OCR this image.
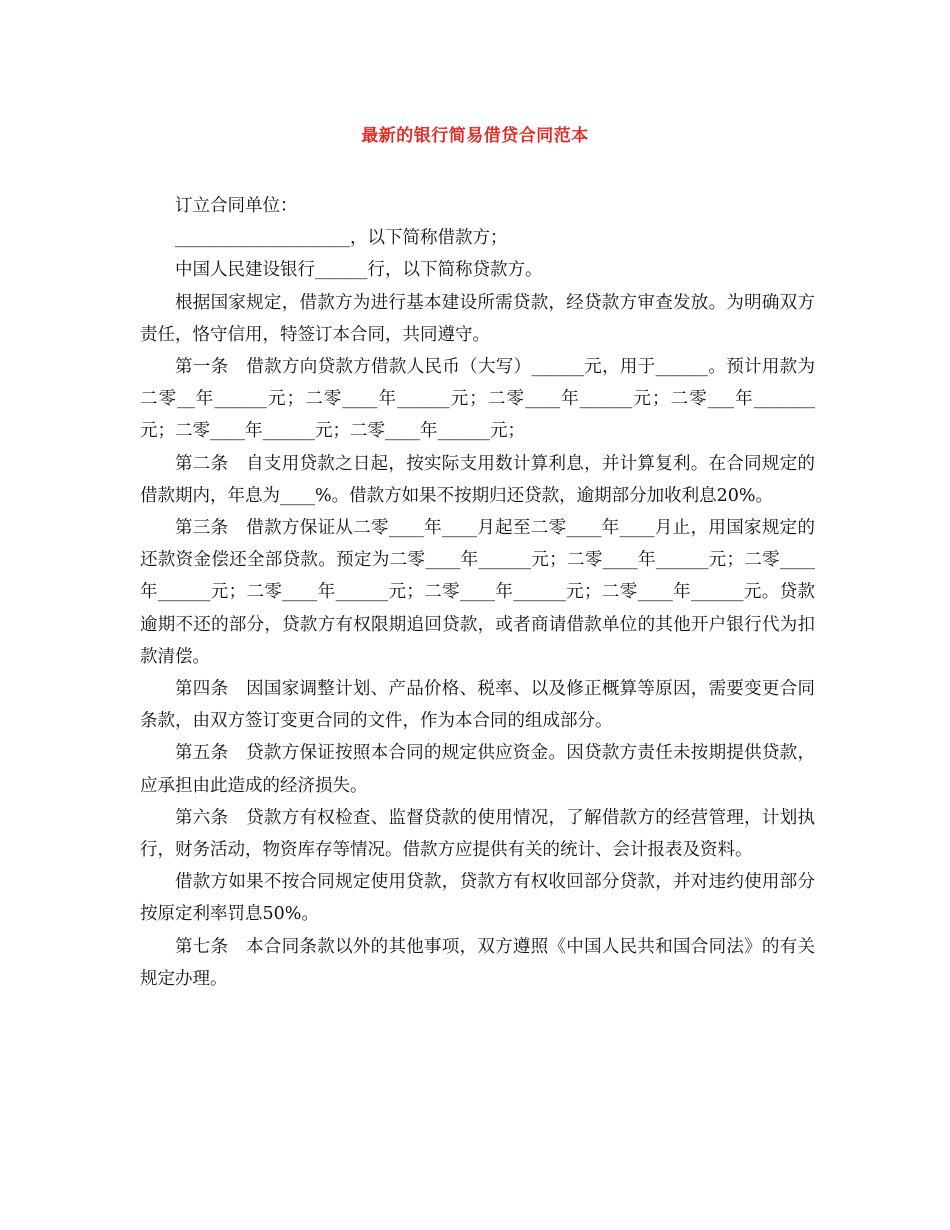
最新的银行简易借贷合同范本

订立合同单位：

____________________，以下简称借款方；

中国人民建设银行______行，以下简称贷款方。

根据国家规定，借款方为进行基本建设所需贷款，经贷款方审查发放。为明确双方责任，恪守信用，特签订本合同，共同遵守。

第一条　借款方向贷款方借款人民币（大写）______元，用于______。预计用款为二零__年______元；二零____年______元；二零____年______元；二零___年_______元；二零____年______元；二零____年______元；

第二条　自支用贷款之日起，按实际支用数计算利息，并计算复利。在合同规定的借款期内，年息为____%。借款方如果不按期归还贷款，逾期部分加收利息20%。

第三条　借款方保证从二零____年____月起至二零____年____月止，用国家规定的还款资金偿还全部贷款。预定为二零____年______元；二零____年______元；二零____年______元；二零____年______元；二零____年______元；二零____年______元。贷款逾期不还的部分，贷款方有权限期追回贷款，或者商请借款单位的其他开户银行代为扣款清偿。

第四条　因国家调整计划、产品价格、税率、以及修正概算等原因，需要变更合同条款，由双方签订变更合同的文件，作为本合同的组成部分。

第五条　贷款方保证按照本合同的规定供应资金。因贷款方责任未按期提供贷款，应承担由此造成的经济损失。

第六条　贷款方有权检查、监督贷款的使用情况，了解借款方的经营管理，计划执行，财务活动，物资库存等情况。借款方应提供有关的统计、会计报表及资料。

借款方如果不按合同规定使用贷款，贷款方有权收回部分贷款，并对违约使用部分按原定利率罚息50%。

第七条　本合同条款以外的其他事项，双方遵照《中国人民共和国合同法》的有关规定办理。
